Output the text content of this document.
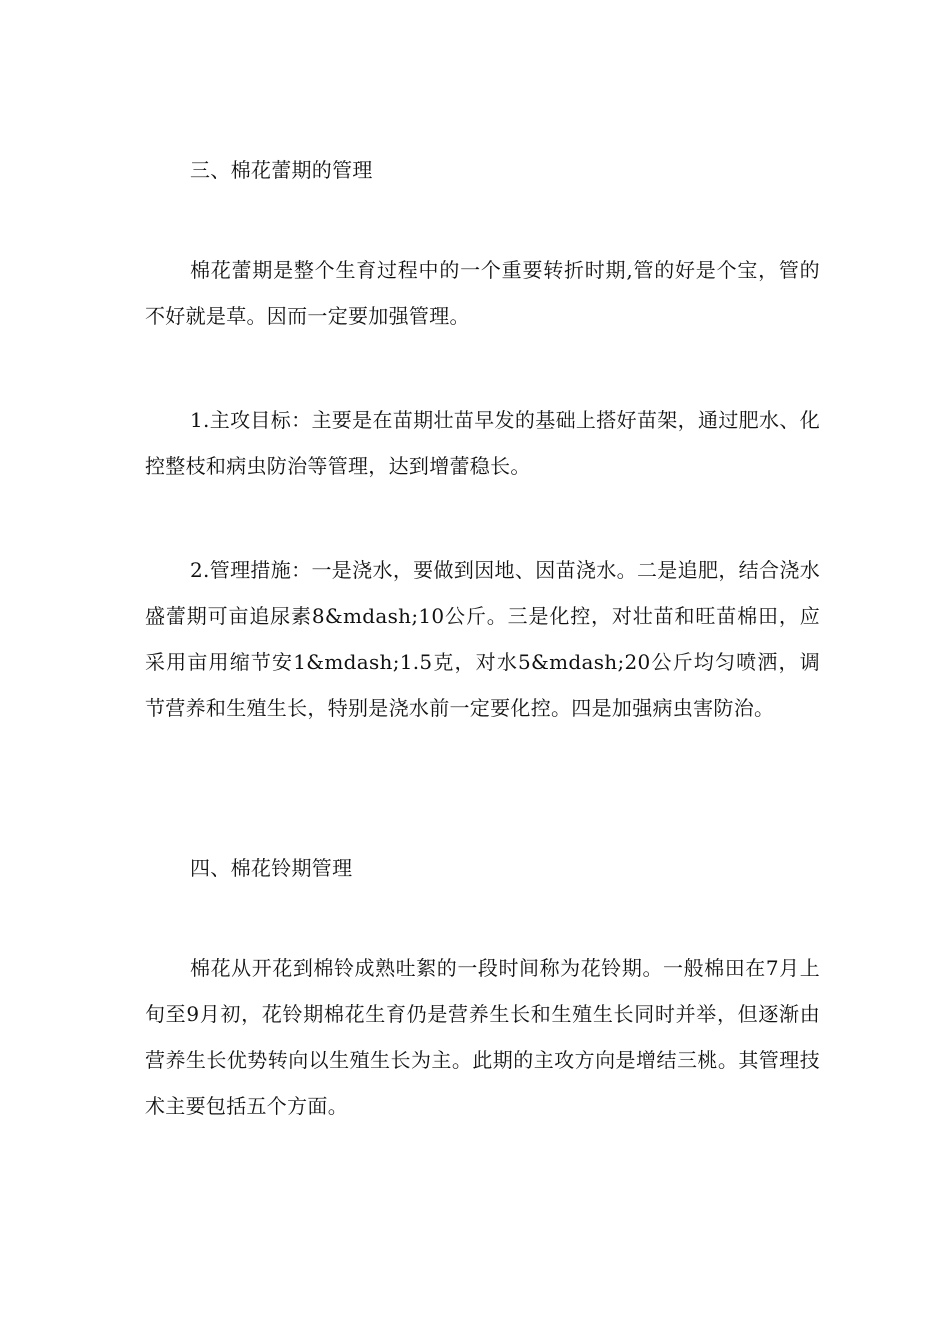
三、棉花蕾期的管理

棉花蕾期是整个生育过程中的一个重要转折时期,管的好是个宝，管的不好就是草。因而一定要加强管理。

1.主攻目标：主要是在苗期壮苗早发的基础上搭好苗架，通过肥水、化控整枝和病虫防治等管理，达到增蕾稳长。

2.管理措施：一是浇水，要做到因地、因苗浇水。二是追肥，结合浇水盛蕾期可亩追尿素8&mdash;10公斤。三是化控，对壮苗和旺苗棉田，应采用亩用缩节安1&mdash;1.5克，对水5&mdash;20公斤均匀喷洒，调节营养和生殖生长，特别是浇水前一定要化控。四是加强病虫害防治。

四、棉花铃期管理

棉花从开花到棉铃成熟吐絮的一段时间称为花铃期。一般棉田在7月上旬至9月初，花铃期棉花生育仍是营养生长和生殖生长同时并举，但逐渐由营养生长优势转向以生殖生长为主。此期的主攻方向是增结三桃。其管理技术主要包括五个方面。
